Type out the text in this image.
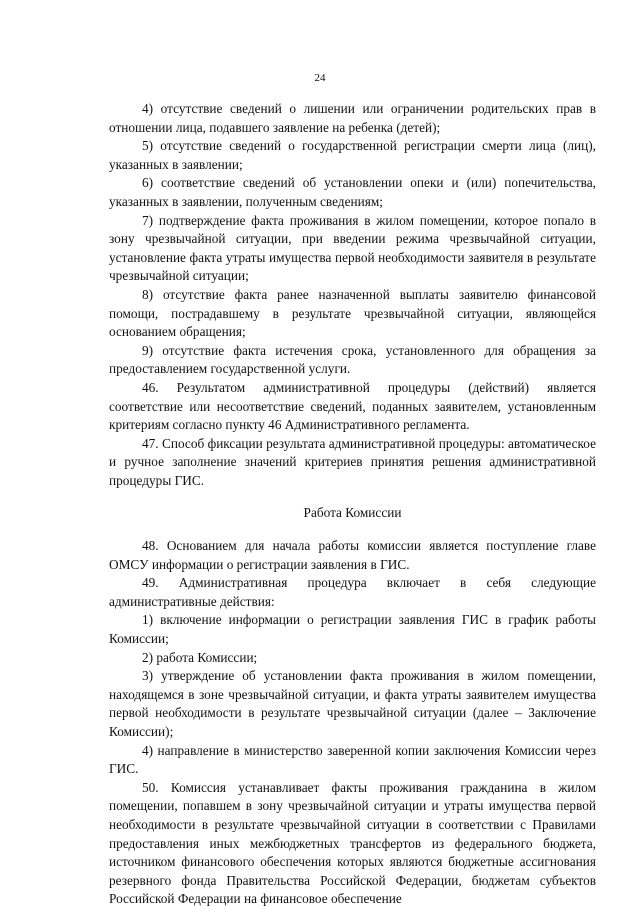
24

4) отсутствие сведений о лишении или ограничении родительских прав в отношении лица, подавшего заявление на ребенка (детей);

5) отсутствие сведений о государственной регистрации смерти лица (лиц), указанных в заявлении;

6) соответствие сведений об установлении опеки и (или) попечительства, указанных в заявлении, полученным сведениям;

7) подтверждение факта проживания в жилом помещении, которое попало в зону чрезвычайной ситуации, при введении режима чрезвычайной ситуации, установление факта утраты имущества первой необходимости заявителя в результате чрезвычайной ситуации;

8) отсутствие факта ранее назначенной выплаты заявителю финансовой помощи, пострадавшему в результате чрезвычайной ситуации, являющейся основанием обращения;

9) отсутствие факта истечения срока, установленного для обращения за предоставлением государственной услуги.

46. Результатом административной процедуры (действий) является соответствие или несоответствие сведений, поданных заявителем, установленным критериям согласно пункту 46 Административного регламента.

47. Способ фиксации результата административной процедуры: автоматическое и ручное заполнение значений критериев принятия решения административной процедуры ГИС.

Работа Комиссии

48. Основанием для начала работы комиссии является поступление главе ОМСУ информации о регистрации заявления в ГИС.

49. Административная процедура включает в себя следующие административные действия:

1) включение информации о регистрации заявления ГИС в график работы Комиссии;

2) работа Комиссии;

3) утверждение об установлении факта проживания в жилом помещении, находящемся в зоне чрезвычайной ситуации, и факта утраты заявителем имущества первой необходимости в результате чрезвычайной ситуации (далее – Заключение Комиссии);

4) направление в министерство заверенной копии заключения Комиссии через ГИС.

50. Комиссия устанавливает факты проживания гражданина в жилом помещении, попавшем в зону чрезвычайной ситуации и утраты имущества первой необходимости в результате чрезвычайной ситуации в соответствии с Правилами предоставления иных межбюджетных трансфертов из федерального бюджета, источником финансового обеспечения которых являются бюджетные ассигнования резервного фонда Правительства Российской Федерации, бюджетам субъектов Российской Федерации на финансовое обеспечение
